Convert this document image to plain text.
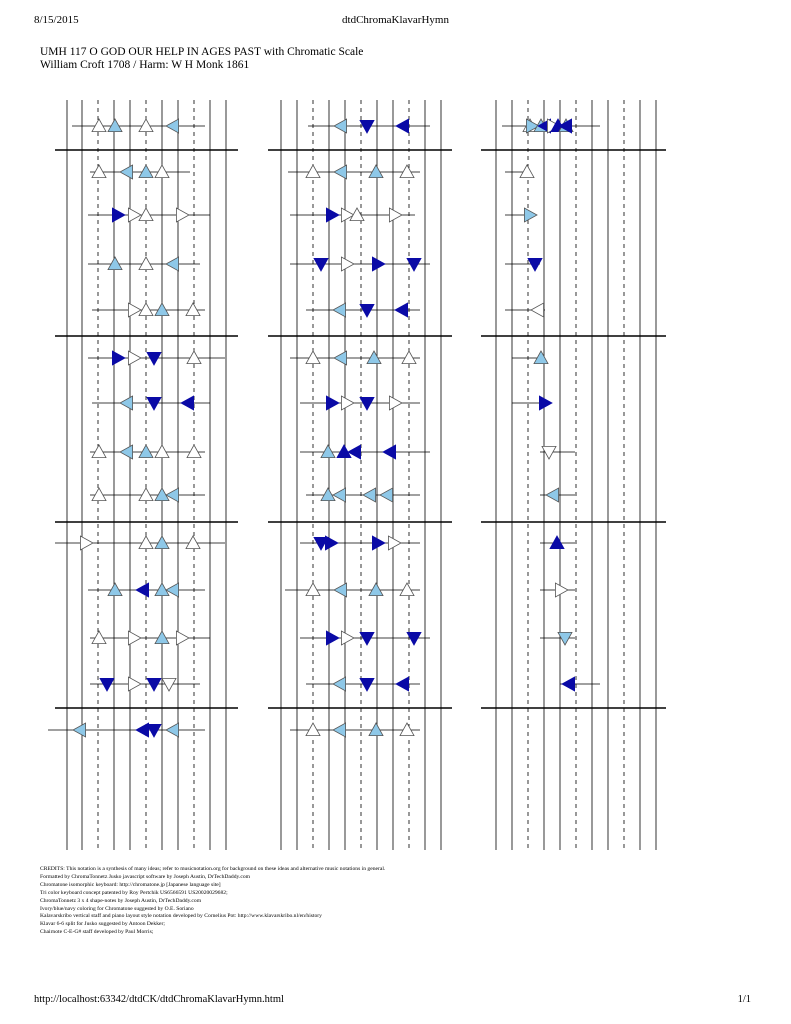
8/15/2015	dtdChromaKlavarHymn
UMH 117 O GOD OUR HELP IN AGES PAST with Chromatic Scale
William Croft 1708 / Harm: W H Monk 1861
CREDITS: This notation is a synthesis of many ideas; refer to musicnotation.org for background on these ideas and alternative music notations in general.
Formatted by ChromaTonnetz Jusko javascript software by Joseph Austin, DrTechDaddy.com
Chromatone isomorphic keyboard: http://chromatone.jp [Japanese language site]
Tri color keyboard concept patented by Roy Pertchik US6566591 US20020029682;
ChromaTonnetz 3 x 4 shape-notes by Joseph Austin, DrTechDaddy.com
Ivory/blue/navy coloring for Chromatone suggested by O.E. Soriano
Kalavarskribo vertical staff and piano layout style notation developed by Cornelius Pot: http://www.klavarskribo.nl/en/history
Klavar 6-6 split for Jusko suggested by Antoon Dekker;
Chairnote C-E-G# staff developed by Paul Morris;
http://localhost:63342/dtdCK/dtdChromaKlavarHymn.html	1/1
